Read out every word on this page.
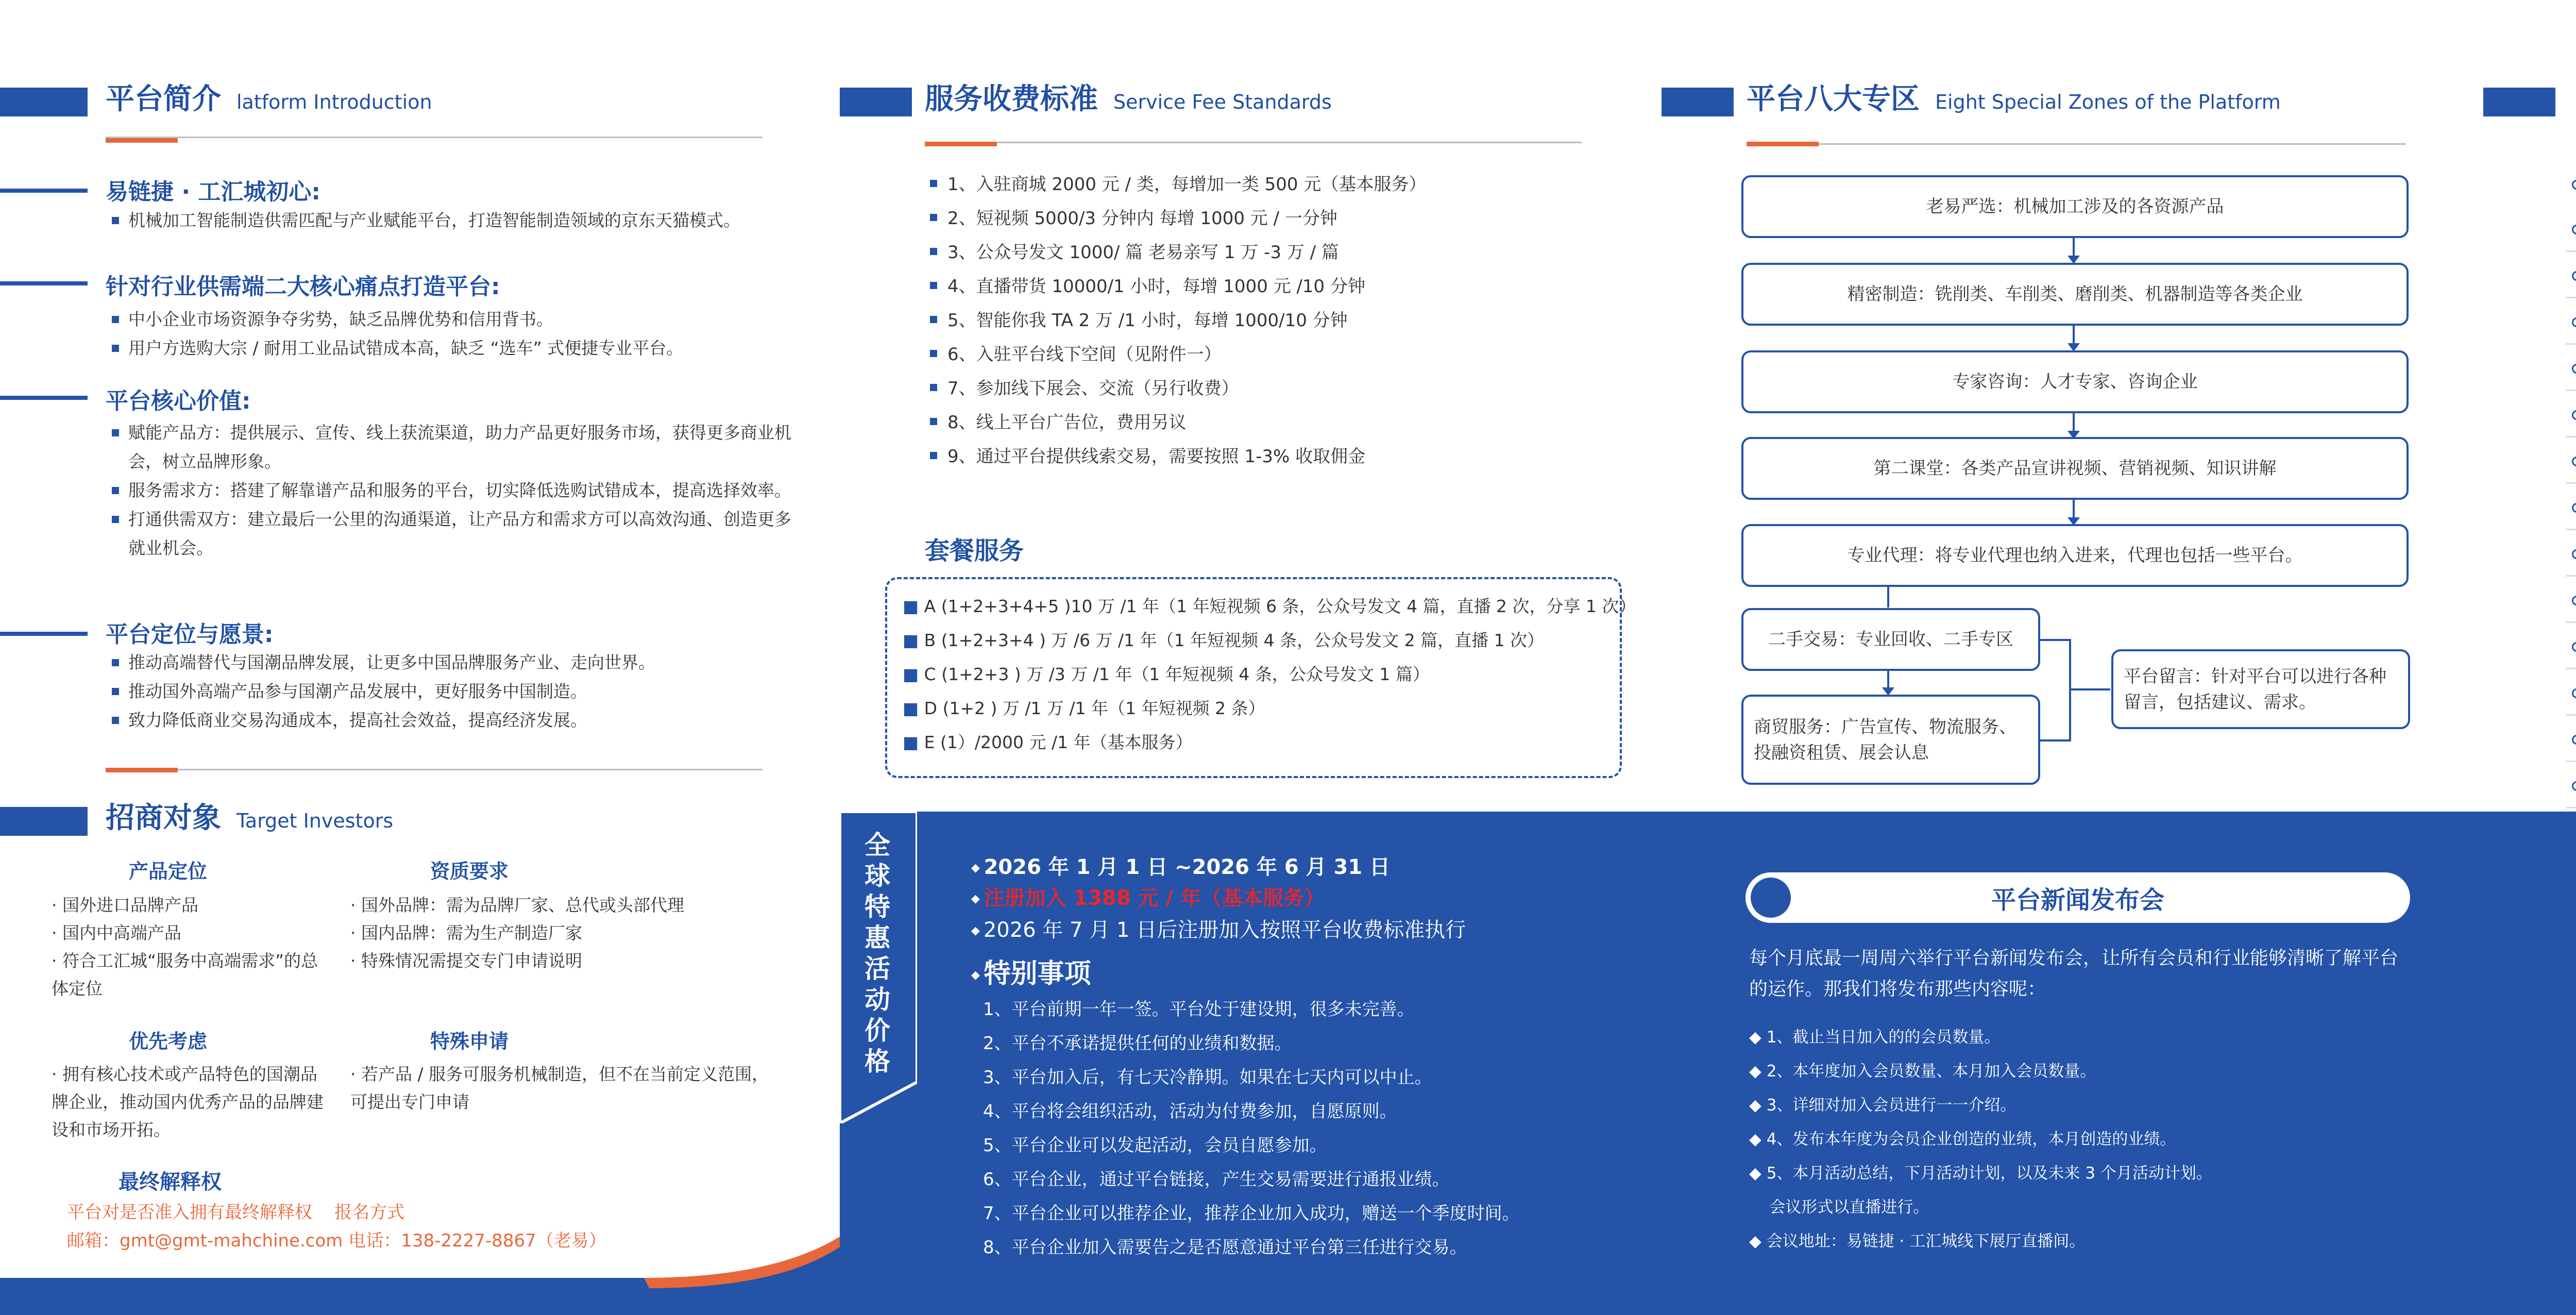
平台简介 latform Introduction
易链捷 · 工汇城初心:
机械加工智能制造供需匹配与产业赋能平台，打造智能制造领域的京东天猫模式。
针对行业供需端二大核心痛点打造平台:
中小企业市场资源争夺劣势，缺乏品牌优势和信用背书。
用户方选购大宗 / 耐用工业品试错成本高，缺乏 “选车” 式便捷专业平台。
平台核心价值:
赋能产品方：提供展示、宣传、线上获流渠道，助力产品更好服务市场，获得更多商业机会，树立品牌形象。
服务需求方：搭建了解靠谱产品和服务的平台，切实降低选购试错成本，提高选择效率。
打通供需双方：建立最后一公里的沟通渠道，让产品方和需求方可以高效沟通、创造更多就业机会。
平台定位与愿景:
推动高端替代与国潮品牌发展，让更多中国品牌服务产业、走向世界。
推动国外高端产品参与国潮产品发展中，更好服务中国制造。
致力降低商业交易沟通成本，提高社会效益，提高经济发展。
招商对象 Target Investors
产品定位
· 国外进口品牌产品
· 国内中高端产品
· 符合工汇城“服务中高端需求”的总体定位
资质要求
· 国外品牌：需为品牌厂家、总代或头部代理
· 国内品牌：需为生产制造厂家
· 特殊情况需提交专门申请说明
优先考虑
· 拥有核心技术或产品特色的国潮品牌企业，推动国内优秀产品的品牌建设和市场开拓。
特殊申请
· 若产品 / 服务可服务机械制造，但不在当前定义范围，可提出专门申请
最终解释权
平台对是否准入拥有最终解释权 报名方式
邮箱：gmt@gmt-mahchine.com 电话：138-2227-8867（老易）
服务收费标准 Service Fee Standards
1、入驻商城 2000 元 / 类，每增加一类 500 元（基本服务）
2、短视频 5000/3 分钟内 每增 1000 元 / 一分钟
3、公众号发文 1000/ 篇 老易亲写 1 万 -3 万 / 篇
4、直播带货 10000/1 小时，每增 1000 元 /10 分钟
5、智能你我 TA 2 万 /1 小时，每增 1000/10 分钟
6、入驻平台线下空间（见附件一）
7、参加线下展会、交流（另行收费）
8、线上平台广告位，费用另议
9、通过平台提供线索交易，需要按照 1-3% 收取佣金
套餐服务
■ A (1+2+3+4+5 )10 万 /1 年（1 年短视频 6 条，公众号发文 4 篇，直播 2 次，分享 1 次）
■ B (1+2+3+4 ) 万 /6 万 /1 年（1 年短视频 4 条，公众号发文 2 篇，直播 1 次）
■ C (1+2+3 ) 万 /3 万 /1 年（1 年短视频 4 条，公众号发文 1 篇）
■ D (1+2 ) 万 /1 万 /1 年（1 年短视频 2 条）
■ E (1）/2000 元 /1 年（基本服务）
平台八大专区 Eight Special Zones of the Platform
老易严选：机械加工涉及的各资源产品
精密制造：铣削类、车削类、磨削类、机器制造等各类企业
专家咨询：人才专家、咨询企业
第二课堂：各类产品宣讲视频、营销视频、知识讲解
专业代理：将专业代理也纳入进来，代理也包括一些平台。
二手交易：专业回收、二手专区
商贸服务：广告宣传、物流服务、投融资租赁、展会认息
平台留言：针对平台可以进行各种留言，包括建议、需求。
全
球
特
惠
活
动
价
格
◆ 2026 年 1 月 1 日 ~2026 年 6 月 31 日
◆ 注册加入 1388 元 / 年（基本服务）
◆ 2026 年 7 月 1 日后注册加入按照平台收费标准执行
◆ 特别事项
1、平台前期一年一签。平台处于建设期，很多未完善。
2、平台不承诺提供任何的业绩和数据。
3、平台加入后，有七天冷静期。如果在七天内可以中止。
4、平台将会组织活动，活动为付费参加，自愿原则。
5、平台企业可以发起活动，会员自愿参加。
6、平台企业，通过平台链接，产生交易需要进行通报业绩。
7、平台企业可以推荐企业，推荐企业加入成功，赠送一个季度时间。
8、平台企业加入需要告之是否愿意通过平台第三任进行交易。
平台新闻发布会
每个月底最一周周六举行平台新闻发布会，让所有会员和行业能够清晰了解平台的运作。那我们将发布那些内容呢：
◆ 1、截止当日加入的的会员数量。
◆ 2、本年度加入会员数量、本月加入会员数量。
◆ 3、详细对加入会员进行一一介绍。
◆ 4、发布本年度为会员企业创造的业绩，本月创造的业绩。
◆ 5、本月活动总结，下月活动计划，以及未来 3 个月活动计划。
会议形式以直播进行。
◆ 会议地址：易链捷 · 工汇城线下展厅直播间。
